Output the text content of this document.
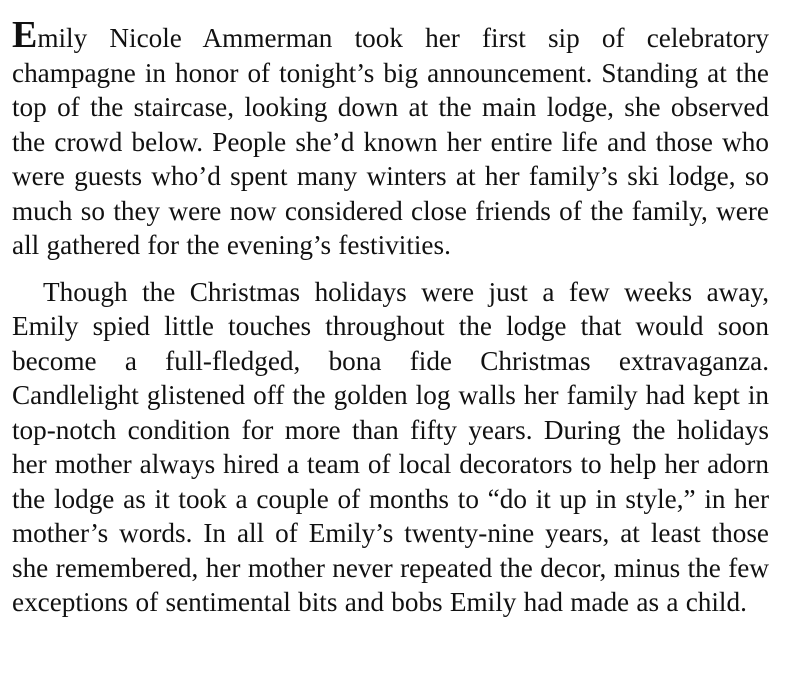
Emily Nicole Ammerman took her first sip of celebratory champagne in honor of tonight’s big announcement. Standing at the top of the staircase, looking down at the main lodge, she observed the crowd below. People she’d known her entire life and those who were guests who’d spent many winters at her family’s ski lodge, so much so they were now considered close friends of the family, were all gathered for the evening’s festivities.

Though the Christmas holidays were just a few weeks away, Emily spied little touches throughout the lodge that would soon become a full-fledged, bona fide Christmas extravaganza. Candlelight glistened off the golden log walls her family had kept in top-notch condition for more than fifty years. During the holidays her mother always hired a team of local decorators to help her adorn the lodge as it took a couple of months to “do it up in style,” in her mother’s words. In all of Emily’s twenty-nine years, at least those she remembered, her mother never repeated the decor, minus the few exceptions of sentimental bits and bobs Emily had made as a child.
